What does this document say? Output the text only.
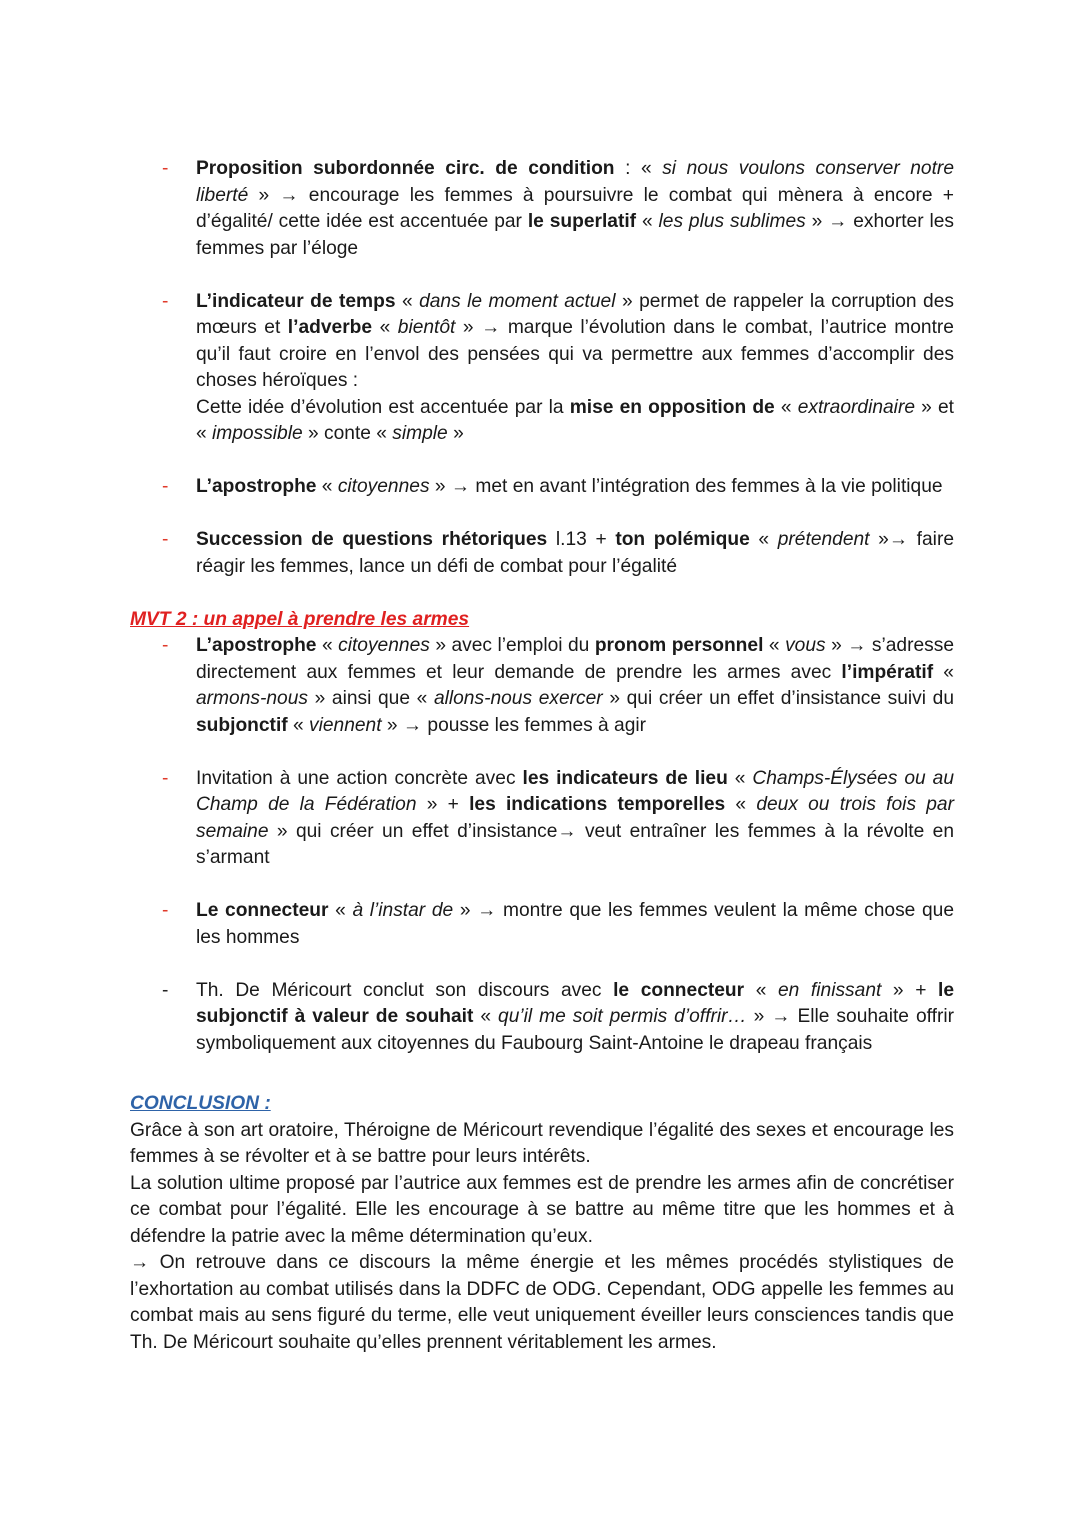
- Proposition subordonnée circ. de condition : « si nous voulons conserver notre liberté » → encourage les femmes à poursuivre le combat qui mènera à encore + d’égalité/ cette idée est accentuée par le superlatif « les plus sublimes » → exhorter les femmes par l’éloge
- L’indicateur de temps « dans le moment actuel » permet de rappeler la corruption des mœurs et l’adverbe « bientôt » → marque l’évolution dans le combat, l’autrice montre qu’il faut croire en l’envol des pensées qui va permettre aux femmes d’accomplir des choses héroïques :
Cette idée d’évolution est accentuée par la mise en opposition de « extraordinaire » et « impossible » conte « simple »
- L’apostrophe « citoyennes » → met en avant l’intégration des femmes à la vie politique
- Succession de questions rhétoriques l.13 + ton polémique « prétendent »→ faire réagir les femmes, lance un défi de combat pour l’égalité

MVT 2 : un appel à prendre les armes

- L’apostrophe « citoyennes » avec l’emploi du pronom personnel « vous » → s’adresse directement aux femmes et leur demande de prendre les armes avec l’impératif « armons-nous » ainsi que « allons-nous exercer » qui créer un effet d’insistance suivi du subjonctif « viennent » → pousse les femmes à agir
- Invitation à une action concrète avec les indicateurs de lieu « Champs-Élysées ou au Champ de la Fédération » + les indications temporelles « deux ou trois fois par semaine » qui créer un effet d’insistance→ veut entraîner les femmes à la révolte en s’armant
- Le connecteur « à l’instar de » → montre que les femmes veulent la même chose que les hommes
- Th. De Méricourt conclut son discours avec le connecteur « en finissant » + le subjonctif à valeur de souhait « qu’il me soit permis d’offrir… » → Elle souhaite offrir symboliquement aux citoyennes du Faubourg Saint-Antoine le drapeau français

CONCLUSION :

Grâce à son art oratoire, Théroigne de Méricourt revendique l’égalité des sexes et encourage les femmes à se révolter et à se battre pour leurs intérêts.

La solution ultime proposé par l’autrice aux femmes est de prendre les armes afin de concrétiser ce combat pour l’égalité. Elle les encourage à se battre au même titre que les hommes et à défendre la patrie avec la même détermination qu’eux.

→ On retrouve dans ce discours la même énergie et les mêmes procédés stylistiques de l’exhortation au combat utilisés dans la DDFC de ODG. Cependant, ODG appelle les femmes au combat mais au sens figuré du terme, elle veut uniquement éveiller leurs consciences tandis que Th. De Méricourt souhaite qu’elles prennent véritablement les armes.
